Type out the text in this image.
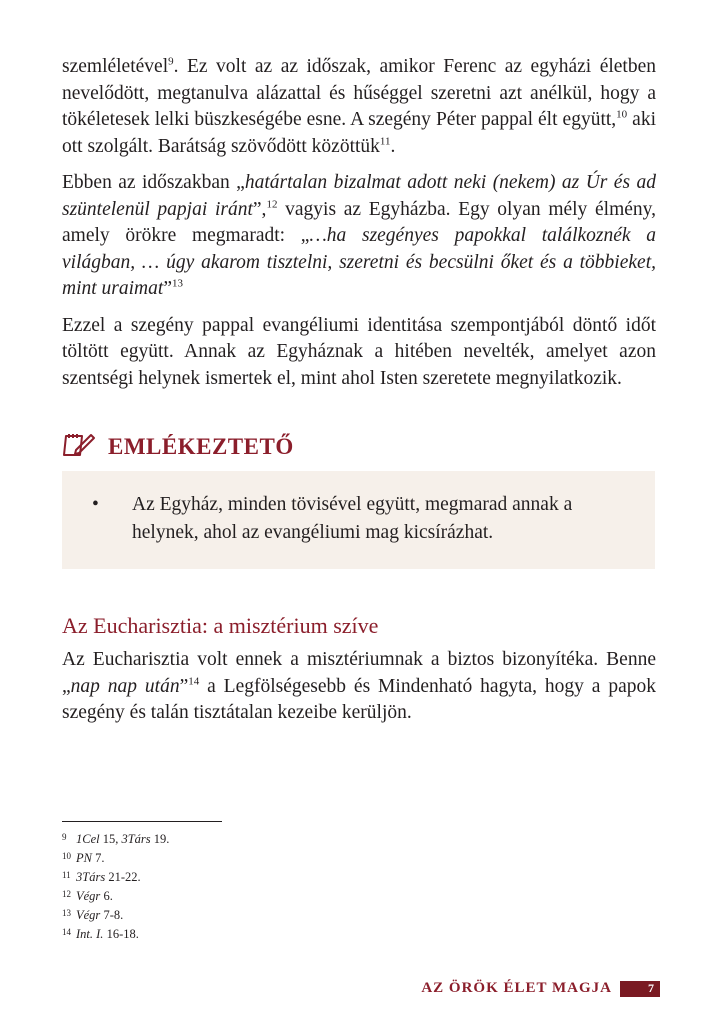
szemléletével$^9$. Ez volt az az időszak, amikor Ferenc az egyházi életben nevelődött, megtanulva alázattal és hűséggel szeretni azt anélkül, hogy a tökéletesek lelki büszkeségébe esne. A szegény Péter pappal élt együtt,$^{10}$ aki ott szolgált. Barátság szövődött közöttük$^{11}$.

Ebben az időszakban „határtalan bizalmat adott neki (nekem) az Úr és ad szüntelenül papjai iránt”,$^{12}$ vagyis az Egyházba. Egy olyan mély élmény, amely örökre megmaradt: „…ha szegényes papokkal találkoznék a világban, … úgy akarom tisztelni, szeretni és becsülni őket és a többieket, mint uraimat”$^{13}$

Ezzel a szegény pappal evangéliumi identitása szempontjából döntő időt töltött együtt. Annak az Egyháznak a hitében nevelték, amelyet azon szentségi helynek ismertek el, mint ahol Isten szeretete megnyilatkozik.

EMLÉKEZTETŐ
•	Az Egyház, minden tövisével együtt, megmarad annak a helynek, ahol az evangéliumi mag kicsírázhat.
Az Eucharisztia: a misztérium szíve

Az Eucharisztia volt ennek a misztériumnak a biztos bizonyítéka. Benne „nap nap után”$^{14}$ a Legfölségesebb és Mindenható hagyta, hogy a papok szegény és talán tisztátalan kezeibe kerüljön.

9 1Cel 15, 3Társ 19.
10 PN 7.
11 3Társ 21-22.
12 Végr 6.
13 Végr 7-8.
14 Int. I. 16-18.
AZ ÖRÖK ÉLET MAGJA	7
